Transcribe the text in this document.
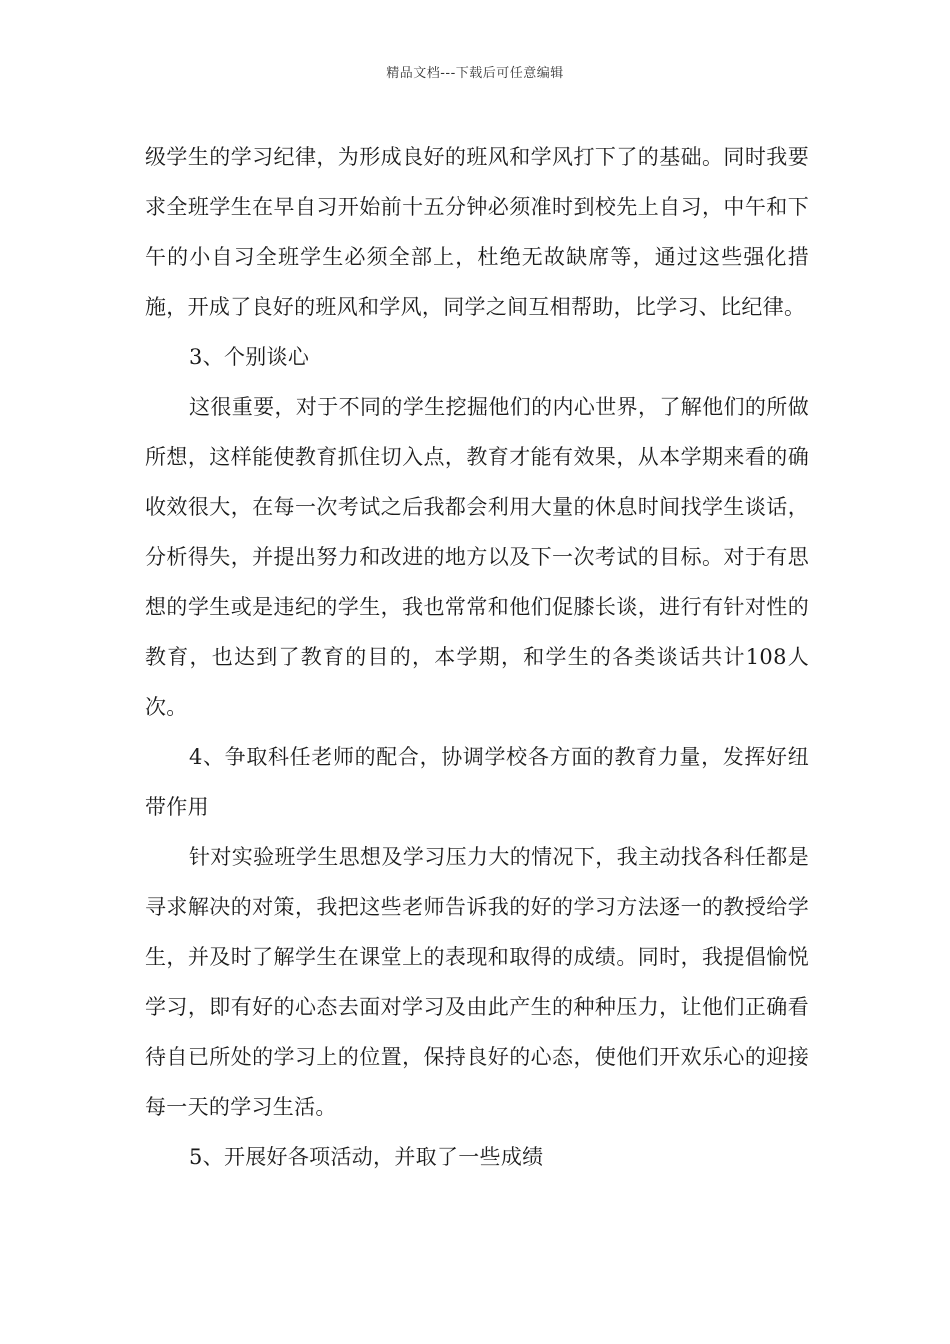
精品文档---下载后可任意编辑

级学生的学习纪律，为形成良好的班风和学风打下了的基础。同时我要求全班学生在早自习开始前十五分钟必须准时到校先上自习，中午和下午的小自习全班学生必须全部上，杜绝无故缺席等，通过这些强化措施，开成了良好的班风和学风，同学之间互相帮助，比学习、比纪律。

3、个别谈心

这很重要，对于不同的学生挖掘他们的内心世界，了解他们的所做所想，这样能使教育抓住切入点，教育才能有效果，从本学期来看的确收效很大，在每一次考试之后我都会利用大量的休息时间找学生谈话，分析得失，并提出努力和改进的地方以及下一次考试的目标。对于有思想的学生或是违纪的学生，我也常常和他们促膝长谈，进行有针对性的教育，也达到了教育的目的，本学期，和学生的各类谈话共计108人次。

4、争取科任老师的配合，协调学校各方面的教育力量，发挥好纽带作用

针对实验班学生思想及学习压力大的情况下，我主动找各科任都是寻求解决的对策，我把这些老师告诉我的好的学习方法逐一的教授给学生，并及时了解学生在课堂上的表现和取得的成绩。同时，我提倡愉悦学习，即有好的心态去面对学习及由此产生的种种压力，让他们正确看待自已所处的学习上的位置，保持良好的心态，使他们开欢乐心的迎接每一天的学习生活。

5、开展好各项活动，并取了一些成绩
